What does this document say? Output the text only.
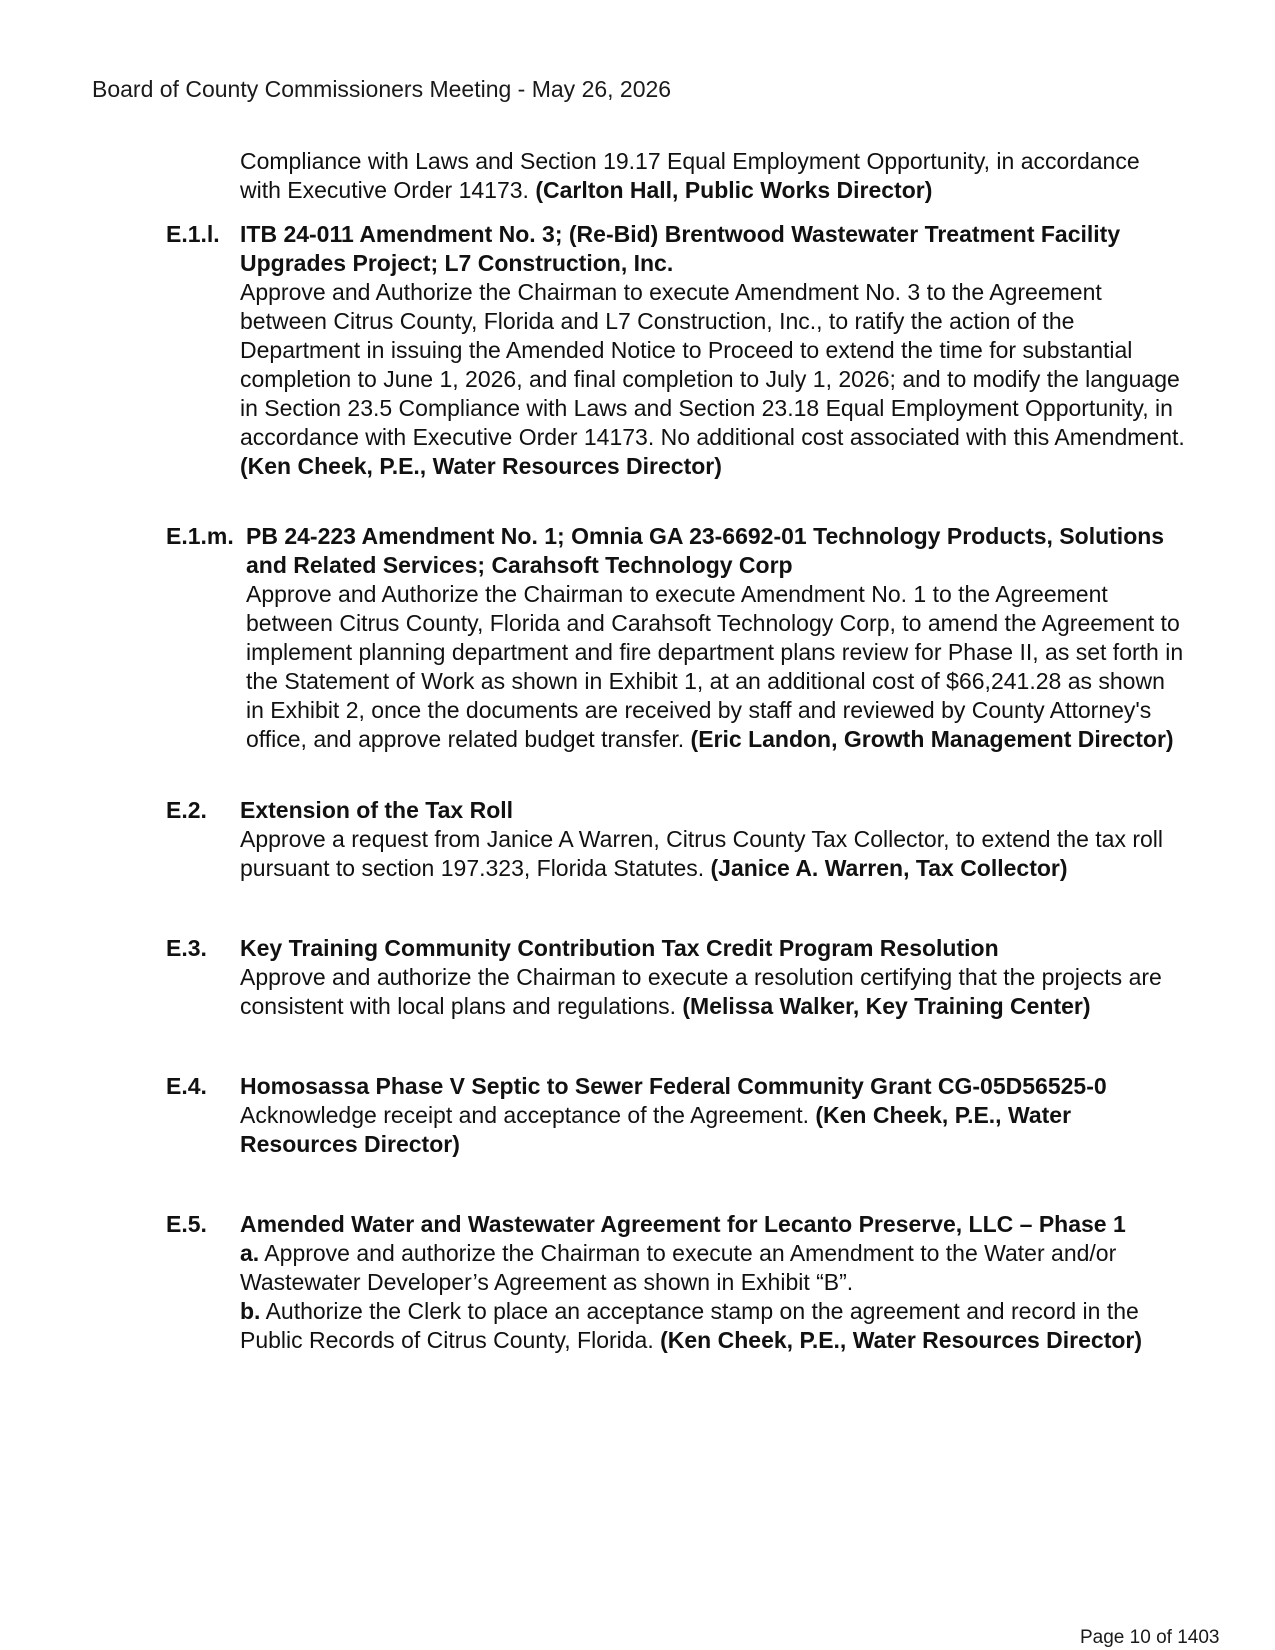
Board of County Commissioners Meeting - May 26, 2026
Compliance with Laws and Section 19.17 Equal Employment Opportunity, in accordance with Executive Order 14173. (Carlton Hall, Public Works Director)
E.1.l. ITB 24-011 Amendment No. 3; (Re-Bid) Brentwood Wastewater Treatment Facility Upgrades Project; L7 Construction, Inc.
Approve and Authorize the Chairman to execute Amendment No. 3 to the Agreement between Citrus County, Florida and L7 Construction, Inc., to ratify the action of the Department in issuing the Amended Notice to Proceed to extend the time for substantial completion to June 1, 2026, and final completion to July 1, 2026; and to modify the language in Section 23.5 Compliance with Laws and Section 23.18 Equal Employment Opportunity, in accordance with Executive Order 14173. No additional cost associated with this Amendment. (Ken Cheek, P.E., Water Resources Director)
E.1.m. PB 24-223 Amendment No. 1; Omnia GA 23-6692-01 Technology Products, Solutions and Related Services; Carahsoft Technology Corp
Approve and Authorize the Chairman to execute Amendment No. 1 to the Agreement between Citrus County, Florida and Carahsoft Technology Corp, to amend the Agreement to implement planning department and fire department plans review for Phase II, as set forth in the Statement of Work as shown in Exhibit 1, at an additional cost of $66,241.28 as shown in Exhibit 2, once the documents are received by staff and reviewed by County Attorney's office, and approve related budget transfer. (Eric Landon, Growth Management Director)
E.2. Extension of the Tax Roll
Approve a request from Janice A Warren, Citrus County Tax Collector, to extend the tax roll pursuant to section 197.323, Florida Statutes. (Janice A. Warren, Tax Collector)
E.3. Key Training Community Contribution Tax Credit Program Resolution
Approve and authorize the Chairman to execute a resolution certifying that the projects are consistent with local plans and regulations. (Melissa Walker, Key Training Center)
E.4. Homosassa Phase V Septic to Sewer Federal Community Grant CG-05D56525-0
Acknowledge receipt and acceptance of the Agreement. (Ken Cheek, P.E., Water Resources Director)
E.5. Amended Water and Wastewater Agreement for Lecanto Preserve, LLC – Phase 1
a. Approve and authorize the Chairman to execute an Amendment to the Water and/or Wastewater Developer’s Agreement as shown in Exhibit “B”.
b. Authorize the Clerk to place an acceptance stamp on the agreement and record in the Public Records of Citrus County, Florida. (Ken Cheek, P.E., Water Resources Director)
Page 10 of 1403
